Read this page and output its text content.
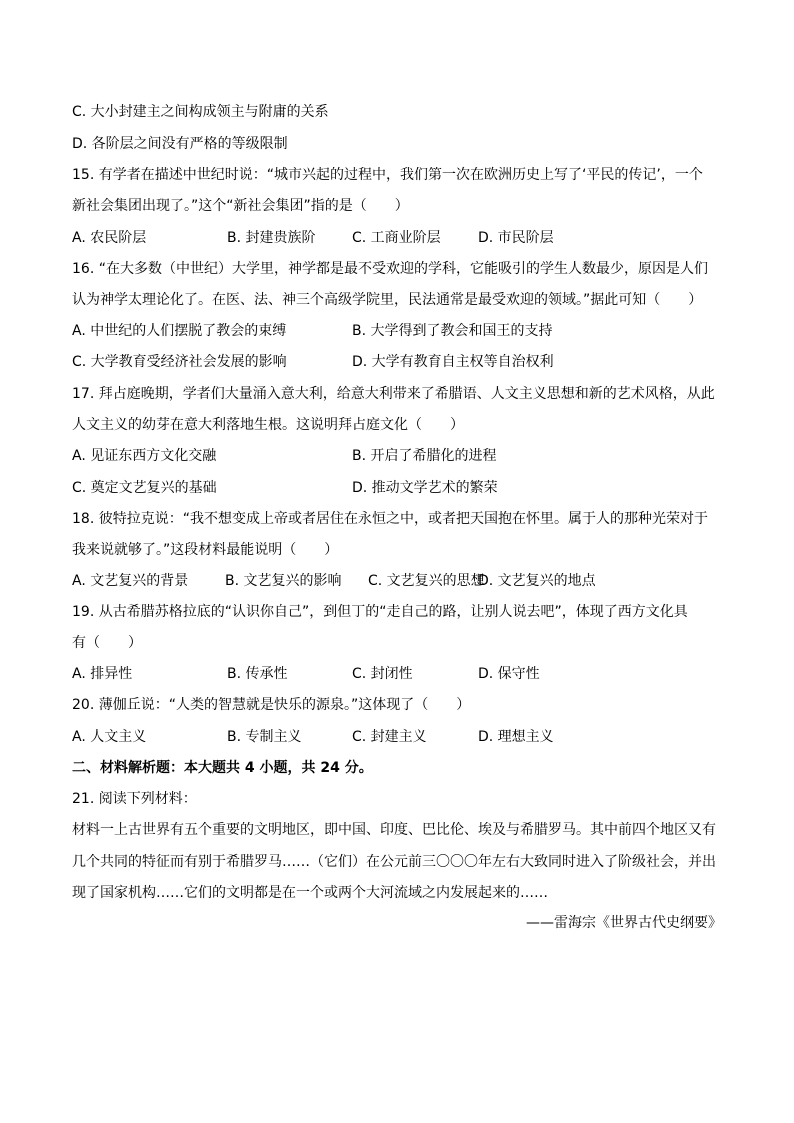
C. 大小封建主之间构成领主与附庸的关系
D. 各阶层之间没有严格的等级限制
15. 有学者在描述中世纪时说：“城市兴起的过程中，我们第一次在欧洲历史上写了‘平民的传记’，一个
新社会集团出现了。”这个“新社会集团”指的是（　　）
A. 农民阶层	B. 封建贵族阶	C. 工商业阶层	D. 市民阶层
16. “在大多数（中世纪）大学里，神学都是最不受欢迎的学科，它能吸引的学生人数最少，原因是人们
认为神学太理论化了。在医、法、神三个高级学院里，民法通常是最受欢迎的领域。”据此可知（　　）
A. 中世纪的人们摆脱了教会的束缚	B. 大学得到了教会和国王的支持
C. 大学教育受经济社会发展的影响	D. 大学有教育自主权等自治权利
17. 拜占庭晚期，学者们大量涌入意大利，给意大利带来了希腊语、人文主义思想和新的艺术风格，从此
人文主义的幼芽在意大利落地生根。这说明拜占庭文化（　　）
A. 见证东西方文化交融	B. 开启了希腊化的进程
C. 奠定文艺复兴的基础	D. 推动文学艺术的繁荣
18. 彼特拉克说：“我不想变成上帝或者居住在永恒之中，或者把天国抱在怀里。属于人的那种光荣对于
我来说就够了。”这段材料最能说明（　　）
A. 文艺复兴的背景	B. 文艺复兴的影响 C. 文艺复兴的思想
D. 文艺复兴的地点
19. 从古希腊苏格拉底的“认识你自己”，到但丁的“走自己的路，让别人说去吧”，体现了西方文化具
有（　　）
A. 排异性	B. 传承性	C. 封闭性	D. 保守性
20. 薄伽丘说：“人类的智慧就是快乐的源泉。”这体现了（　　）
A. 人文主义	B. 专制主义	C. 封建主义	D. 理想主义
二、材料解析题：本大题共 4 小题，共 24 分。
21. 阅读下列材料：
材料一上古世界有五个重要的文明地区，即中国、印度、巴比伦、埃及与希腊罗马。其中前四个地区又有
几个共同的特征而有别于希腊罗马……（它们）在公元前三〇〇〇年左右大致同时进入了阶级社会，并出
现了国家机构……它们的文明都是在一个或两个大河流域之内发展起来的……
——雷海宗《世界古代史纲要》
